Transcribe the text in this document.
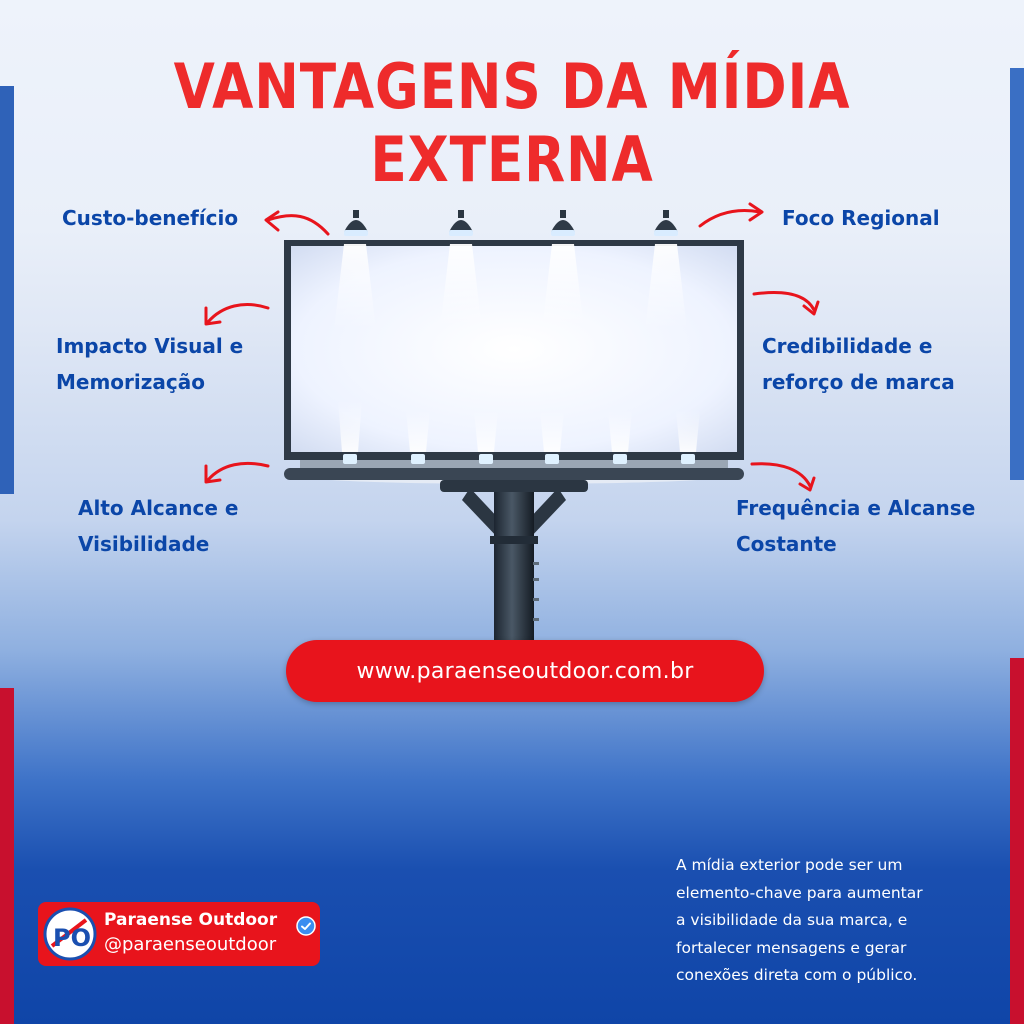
VANTAGENS DA MÍDIA EXTERNA

Custo-benefício	Foco Regional

Impacto Visual e
Memorização
Credibilidade e
reforço de marca
Alto Alcance e
Visibilidade
Frequência e Alcanse
Costante
www.paraenseoutdoor.com.br
PO
Paraense Outdoor
@paraenseoutdoor
A mídia exterior pode ser um
elemento-chave para aumentar
a visibilidade da sua marca, e
fortalecer mensagens e gerar
conexões direta com o público.
